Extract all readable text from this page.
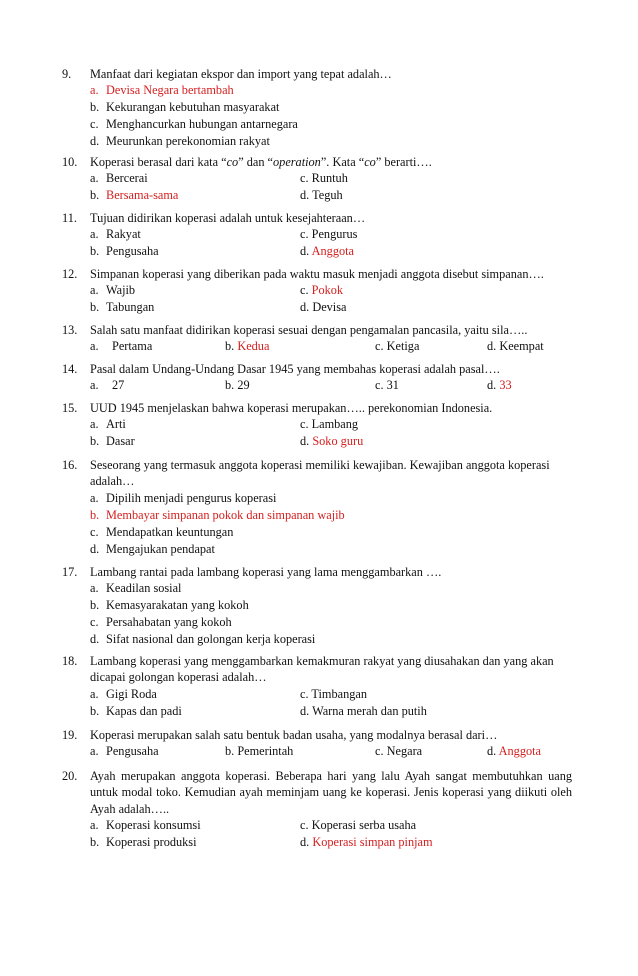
9. Manfaat dari kegiatan ekspor dan import yang tepat adalah…
a. Devisa Negara bertambah
b. Kekurangan kebutuhan masyarakat
c. Menghancurkan hubungan antarnegara
d. Meurunkan perekonomian rakyat
10. Koperasi berasal dari kata “co” dan “operation”. Kata “co” berarti….
a. Bercerai	c. Runtuh
b. Bersama-sama	d. Teguh
11. Tujuan didirikan koperasi adalah untuk kesejahteraan…
a. Rakyat	c. Pengurus
b. Pengusaha	d. Anggota
12. Simpanan koperasi yang diberikan pada waktu masuk menjadi anggota disebut simpanan….
a. Wajib	c. Pokok
b. Tabungan	d. Devisa
13. Salah satu manfaat didirikan koperasi sesuai dengan pengamalan pancasila, yaitu sila…..
a. Pertama	b. Kedua	c. Ketiga	d. Keempat
14. Pasal dalam Undang-Undang Dasar 1945 yang membahas koperasi adalah pasal….
a. 27	b. 29	c. 31	d. 33
15. UUD 1945 menjelaskan bahwa koperasi merupakan….. perekonomian Indonesia.
a. Arti	c. Lambang
b. Dasar	d. Soko guru
16. Seseorang yang termasuk anggota koperasi memiliki kewajiban. Kewajiban anggota koperasi adalah…
a. Dipilih menjadi pengurus koperasi
b. Membayar simpanan pokok dan simpanan wajib
c. Mendapatkan keuntungan
d. Mengajukan pendapat
17. Lambang rantai pada lambang koperasi yang lama menggambarkan ….
a. Keadilan sosial
b. Kemasyarakatan yang kokoh
c. Persahabatan yang kokoh
d. Sifat nasional dan golongan kerja koperasi
18. Lambang koperasi yang menggambarkan kemakmuran rakyat yang diusahakan dan yang akan dicapai golongan koperasi adalah…
a. Gigi Roda	c. Timbangan
b. Kapas dan padi	d. Warna merah dan putih
19. Koperasi merupakan salah satu bentuk badan usaha, yang modalnya berasal dari…
a. Pengusaha	b. Pemerintah	c. Negara	d. Anggota
20. Ayah merupakan anggota koperasi. Beberapa hari yang lalu Ayah sangat membutuhkan uang untuk modal toko. Kemudian ayah meminjam uang ke koperasi. Jenis koperasi yang diikuti oleh Ayah adalah…..
a. Koperasi konsumsi	c. Koperasi serba usaha
b. Koperasi produksi	d. Koperasi simpan pinjam
